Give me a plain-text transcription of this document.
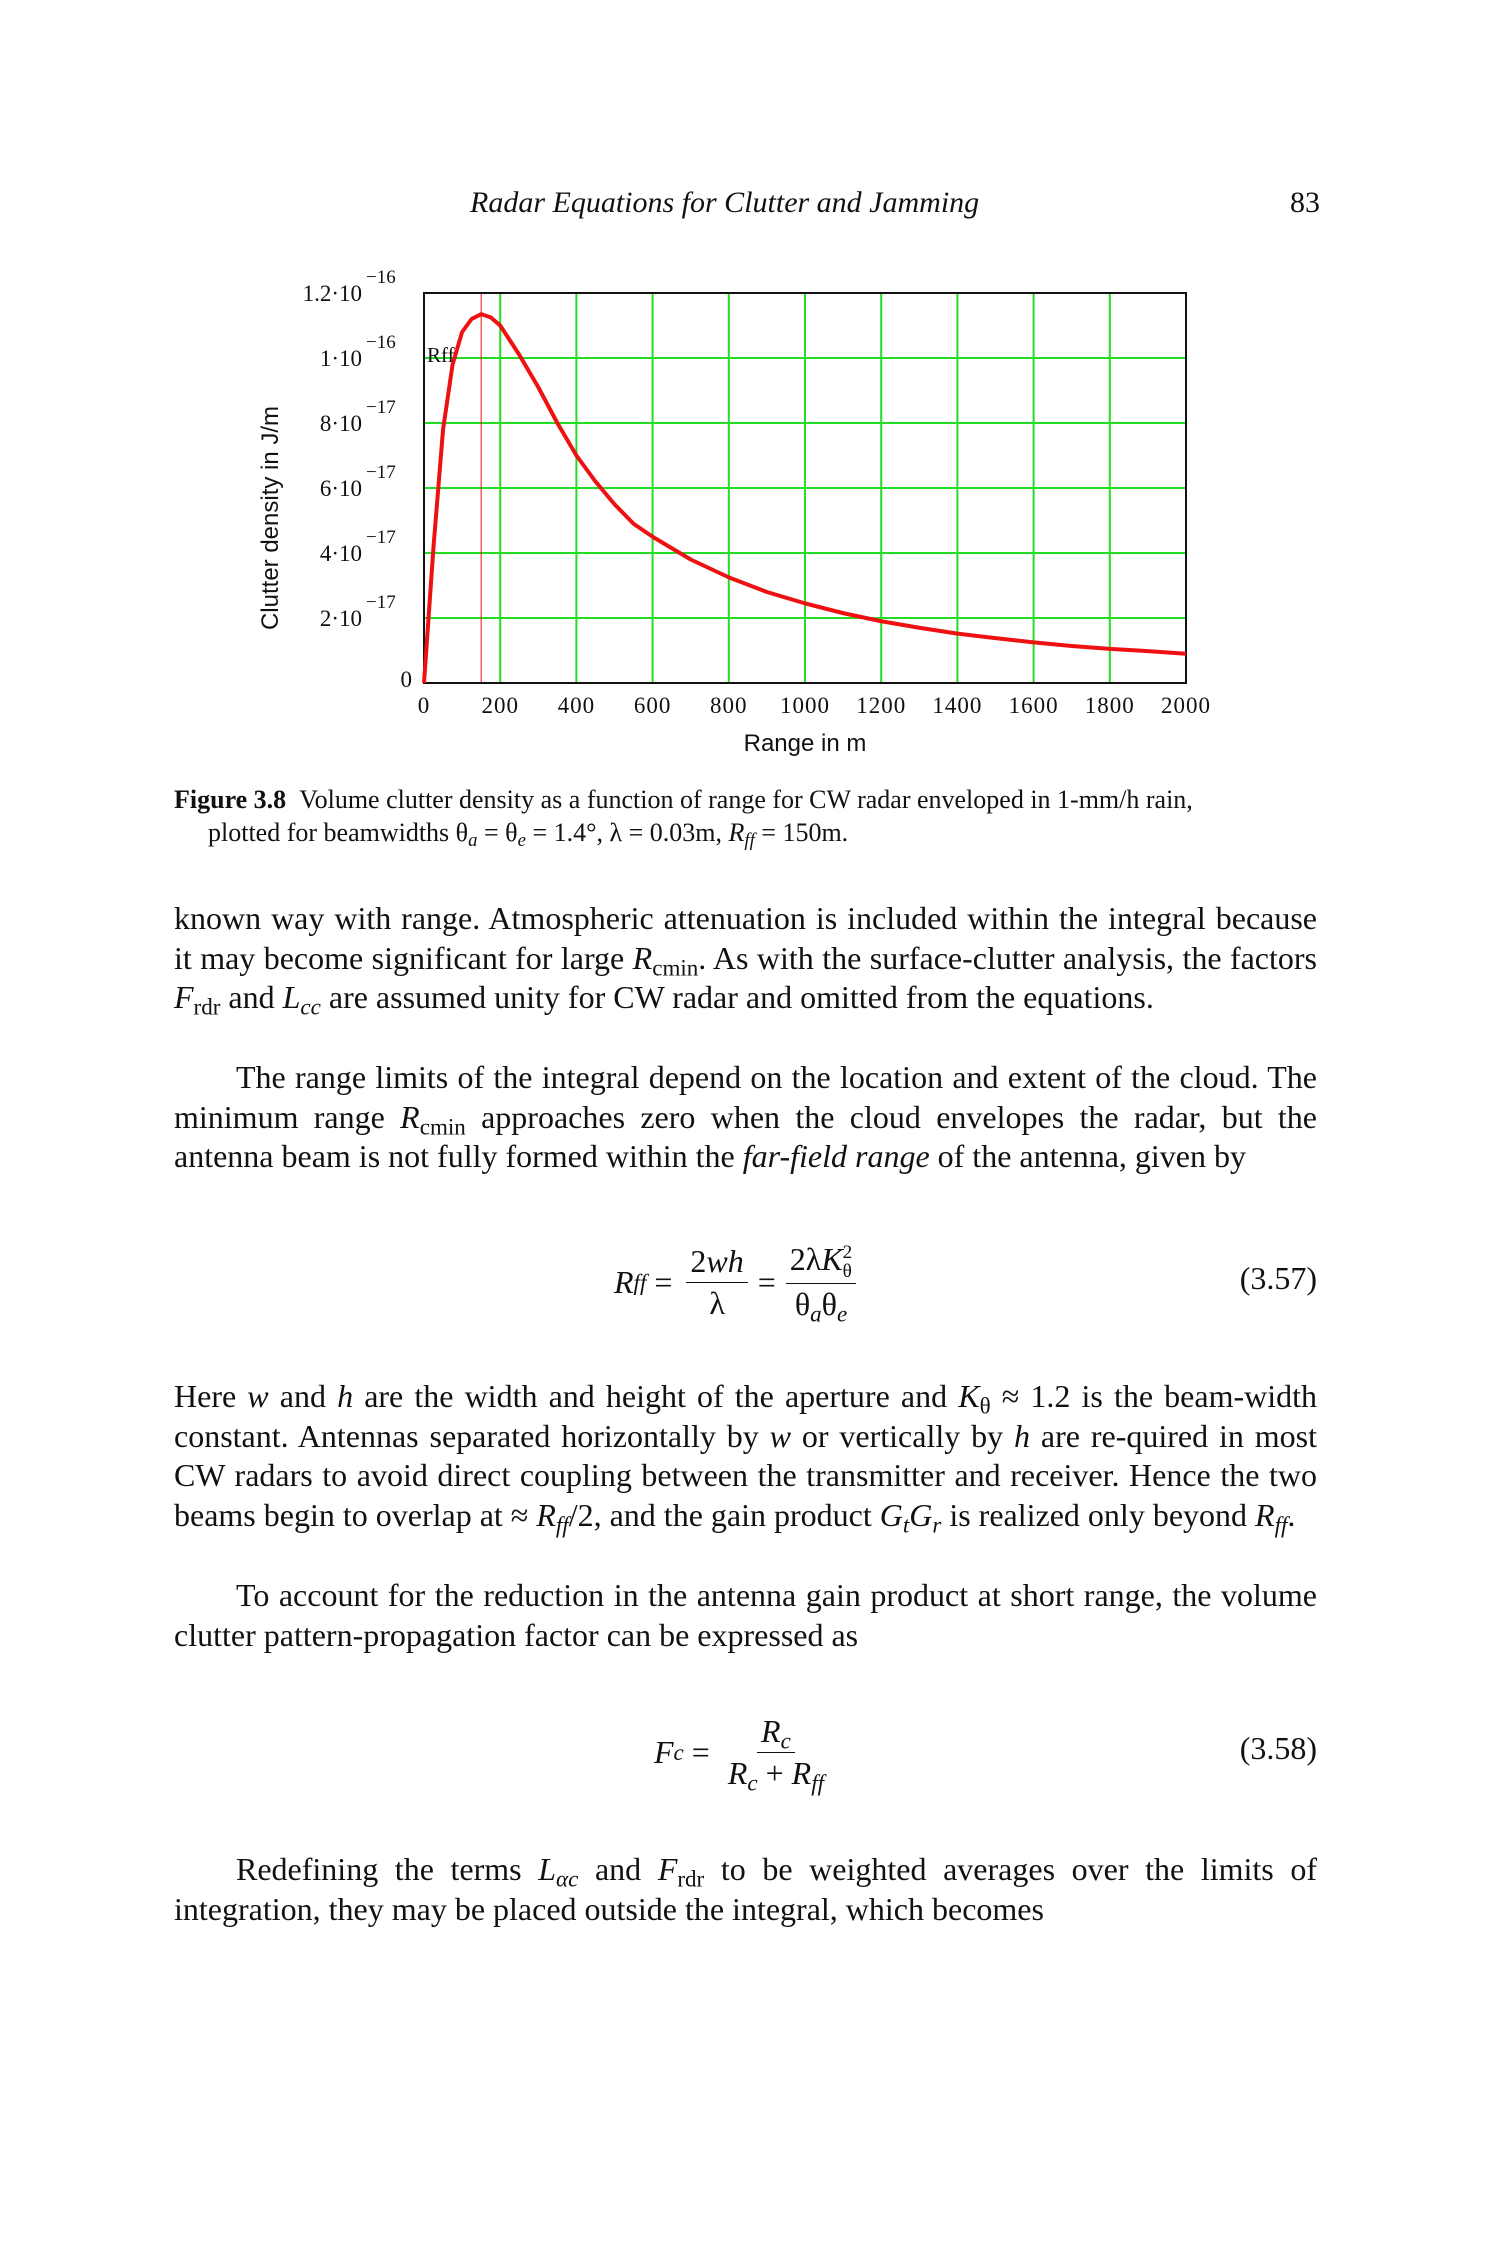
Radar Equations for Clutter and Jamming	83
Rff
0 200 400 600 800 1000 1200 1400 1600 1800 2000
0
2·10
−17
4·10
−17
6·10
−17
8·10
−17
1·10
−16
1.2·10
−16
Range in m
Clutter density in J/m
Figure 3.8 Volume clutter density as a function of range for CW radar enveloped in 1-mm/h rain,
plotted for beamwidths $\theta_a = \theta_e = 1.4^\circ$, λ = 0.03m, $R_{ff} = 150m$.
known way with range. Atmospheric attenuation is included within the integral because it may become significant for large $R_{cmin}$. As with the surface-clutter analysis, the factors $F_{rdr}$ and $L_{cc}$ are assumed unity for CW radar and omitted from the equations.
The range limits of the integral depend on the location and extent of the cloud. The minimum range $R_{cmin}$ approaches zero when the cloud envelopes the radar, but the antenna beam is not fully formed within the far-field range of the antenna, given by
R ff = $\frac{2wh}{\lambda} = 2\lambda K$ 2
θ
$\theta_a\theta_e$	(3.57)
Here w and h are the width and height of the aperture and $K_\theta \approx 1.2$ is the beam-width constant. Antennas separated horizontally by w or vertically by h are re-quired in most CW radars to avoid direct coupling between the transmitter and receiver. Hence the two beams begin to overlap at ≈ $R_{ff}/2$, and the gain product $G_tG_r$ is realized only beyond $R_{ff}$.
To account for the reduction in the antenna gain product at short range, the volume clutter pattern-propagation factor can be expressed as
F $c = \frac{R_c}{R_c + R_{ff}}$	(3.58)
Redefining the terms $L_{\alpha c}$ and $F_{rdr}$ to be weighted averages over the limits of integration, they may be placed outside the integral, which becomes
